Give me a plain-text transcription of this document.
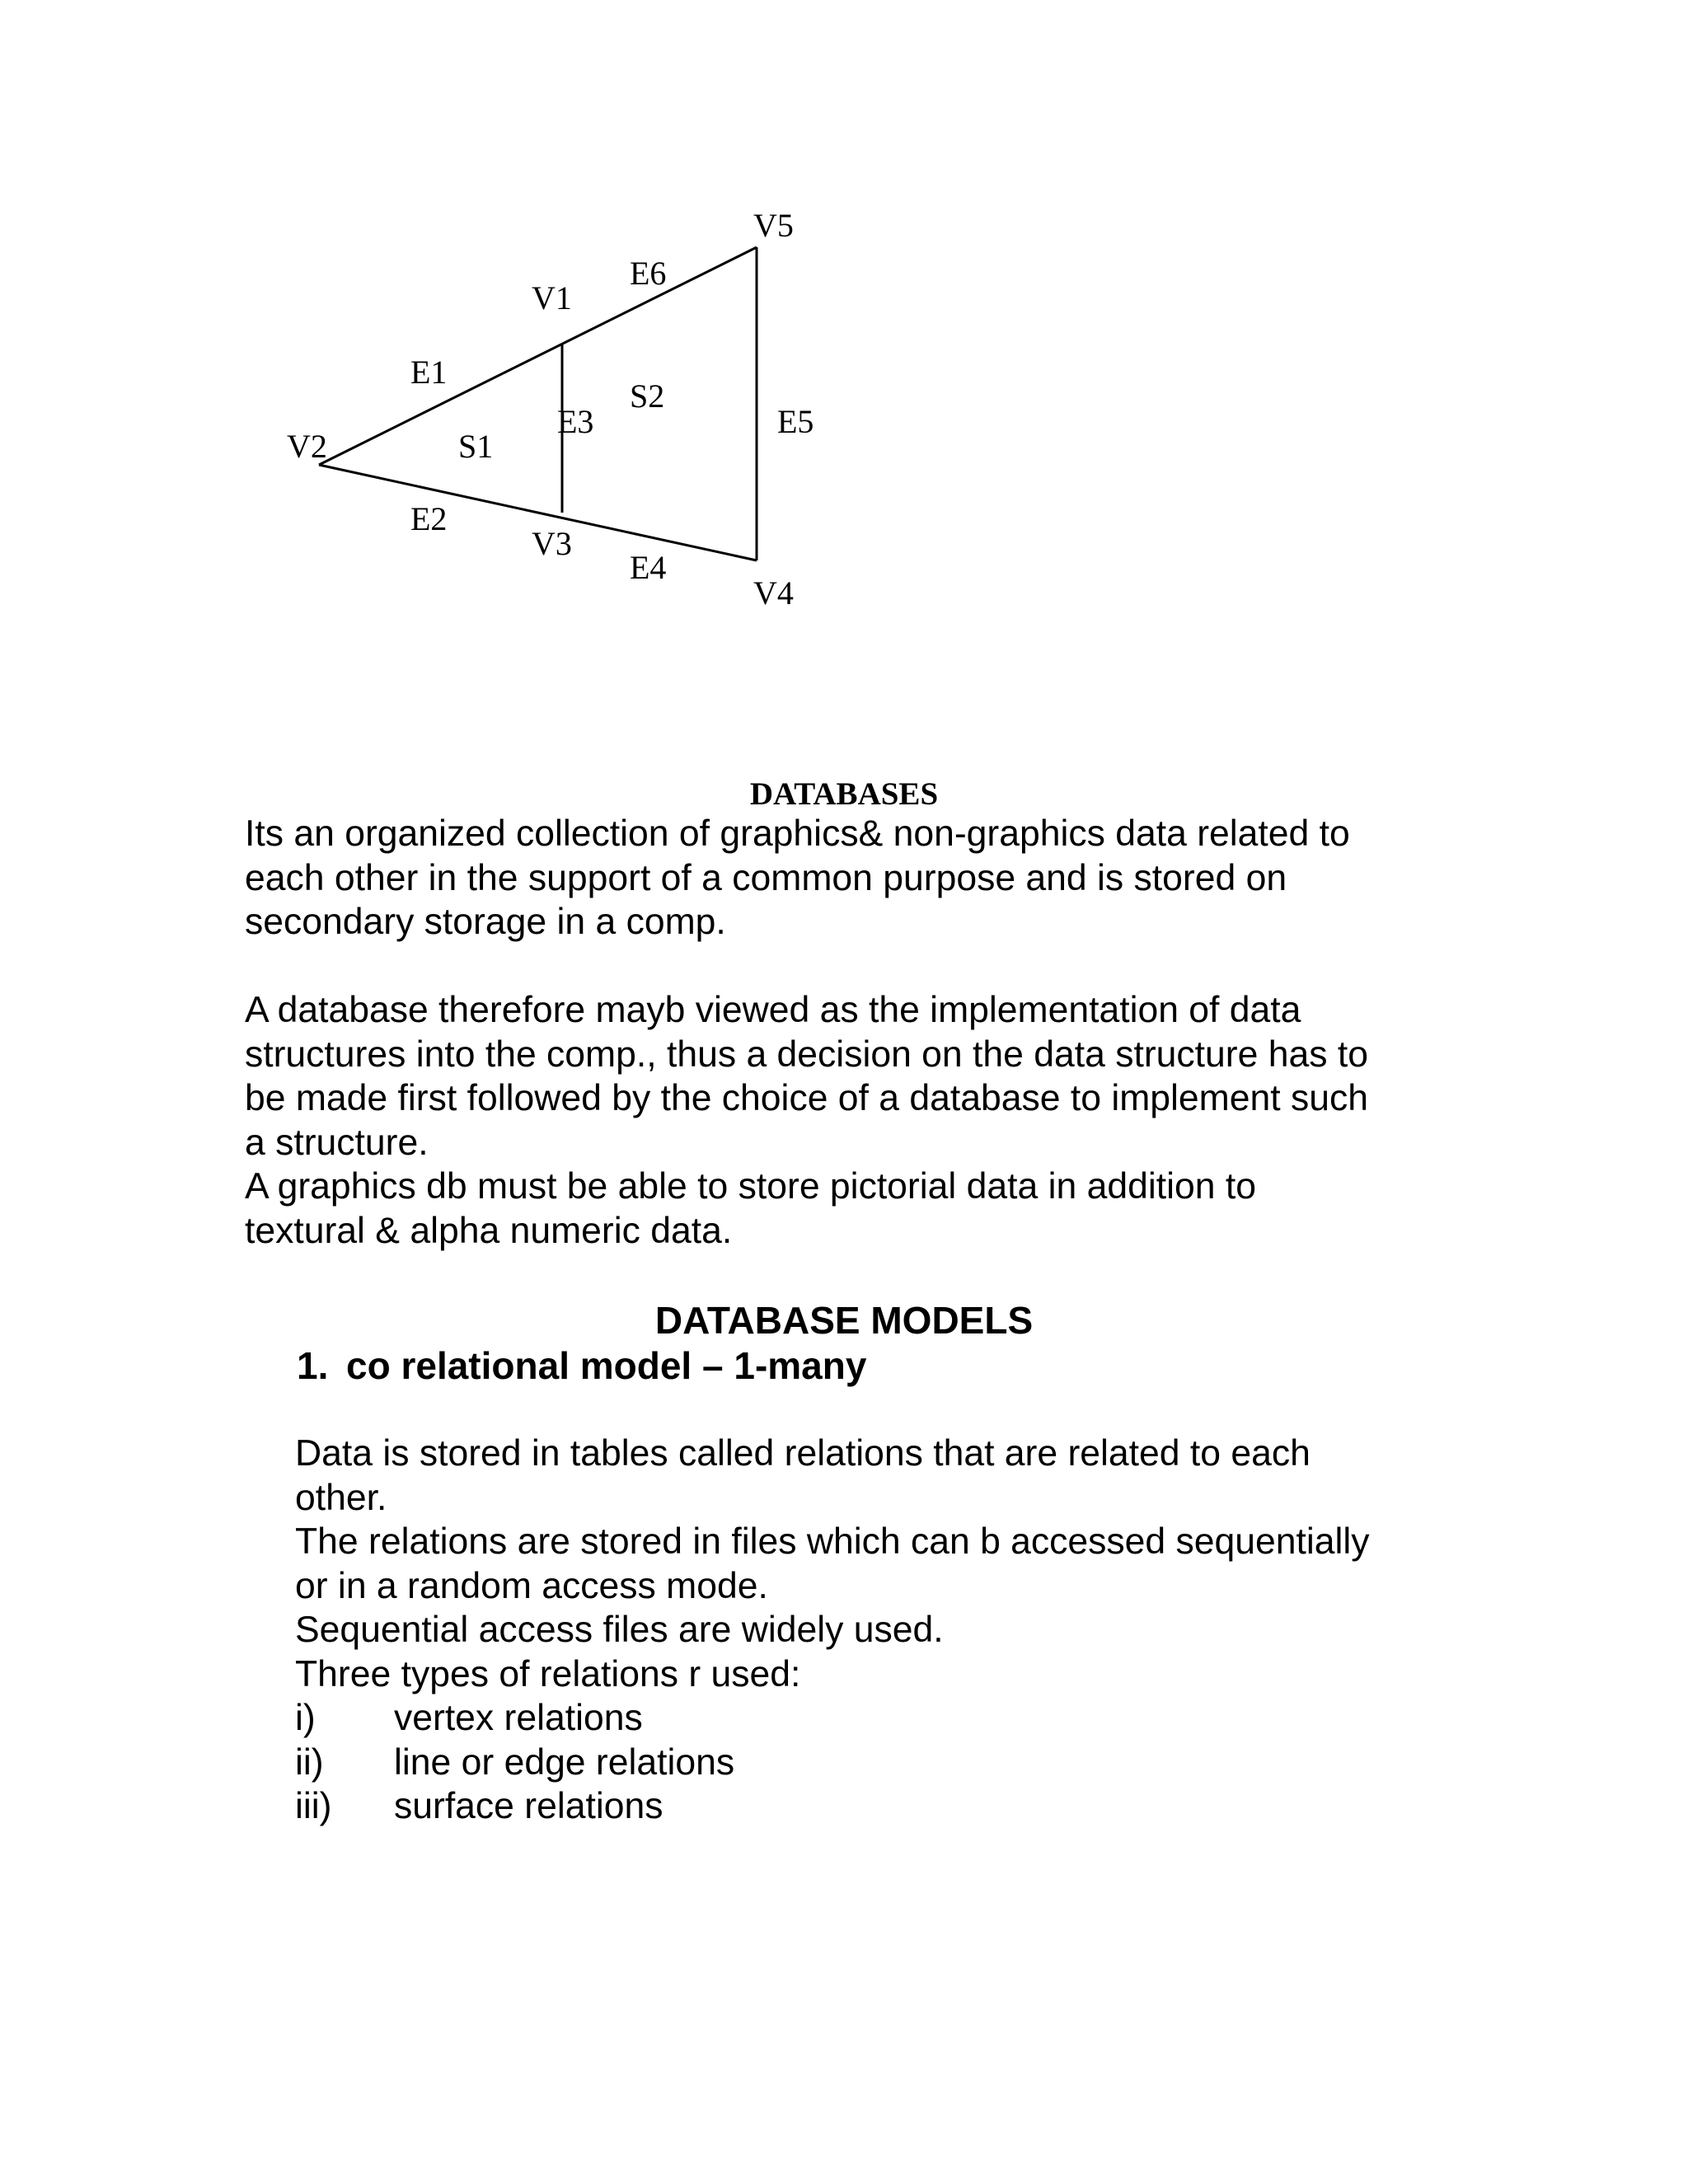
V5
E6
V1
E1
S2
E3	E5
V2	S1
E2
V3
E4
V4
DATABASES
Its an organized collection of graphics& non-graphics data related to
each other in the support of a common purpose and is stored on
secondary storage in a comp.
A database therefore mayb viewed as the implementation of data
structures into the comp., thus a decision on the data structure has to
be made first followed by the choice of a database to implement such
a structure.
A graphics db must be able to store pictorial data in addition to
textural & alpha numeric data.
DATABASE MODELS
1. co relational model – 1-many
Data is stored in tables called relations that are related to each
other.
The relations are stored in files which can b accessed sequentially
or in a random access mode.
Sequential access files are widely used.
Three types of relations r used:
i)	vertex relations
ii)	line or edge relations
iii)	surface relations
